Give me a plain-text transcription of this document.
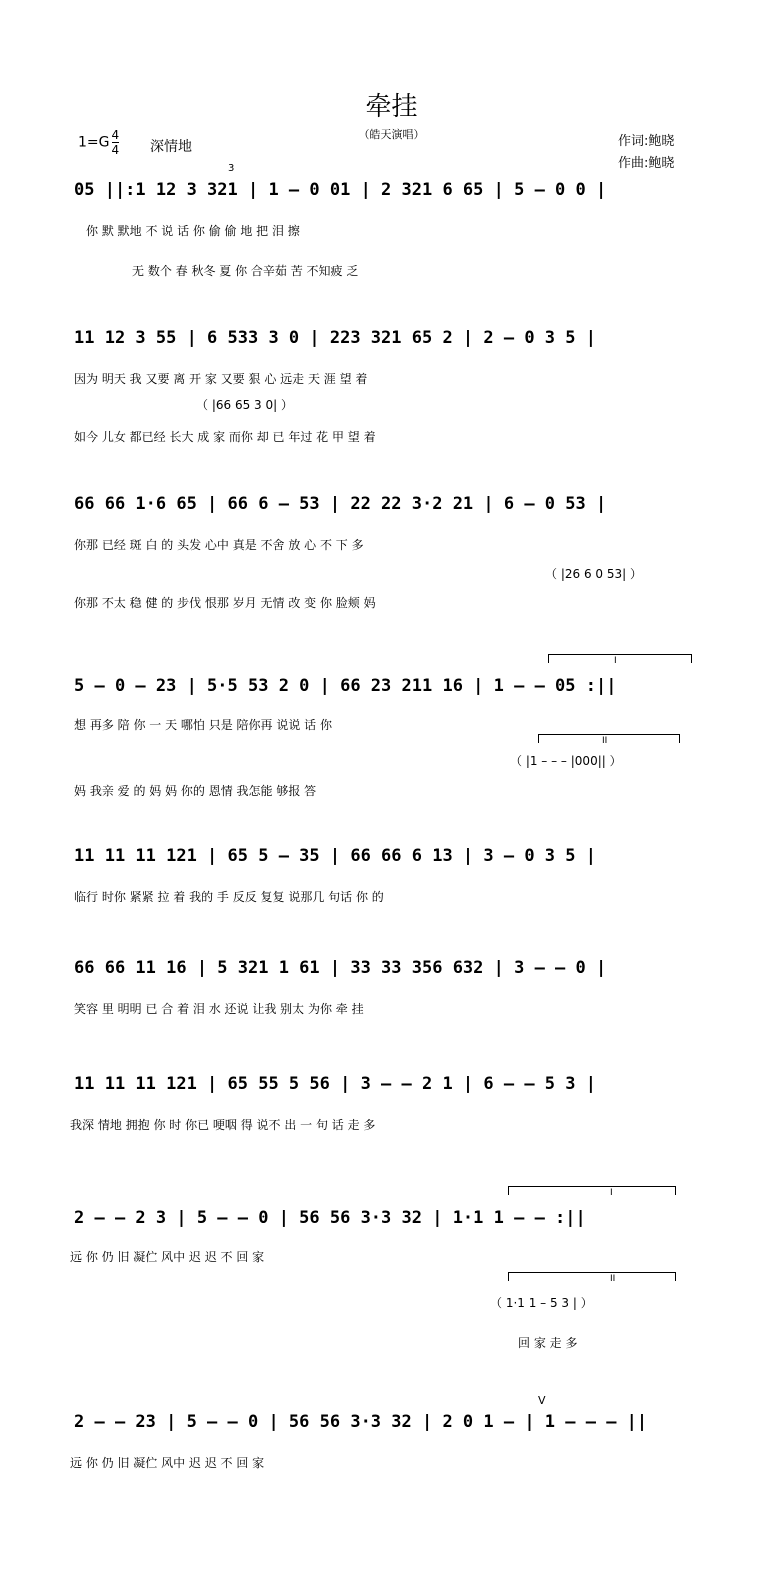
牵挂
（皓天演唱）
$1=G \frac{4}{4}$ 深情地	作词:鲍晓
作曲:鲍晓
05 ||:1 12 3 321 | 1 – 0 01 | 2 321 6 65 | 5 – 0 0 |
你 默 默地 不 说 话 你 偷 偷 地 把 泪 擦
无 数个 春 秋冬 夏 你 合辛茹 苦 不知疲 乏
11 12 3 55 | 6 533 3 0 | 223 321 65 2 | 2 – 0 3 5 |
因为 明天 我 又要 离 开 家 又要 狠 心 远走 天 涯 望 着
（ |66 65 3 0| ）
如今 儿女 都已经 长大 成 家 而你 却 已 年过 花 甲 望 着
66 66 1·6 65 | 66 6 – 53 | 22 22 3·2 21 | 6 – 0 53 |
你那 已经 斑 白 的 头发 心中 真是 不舍 放 心 不 下 多
（ |26 6 0 53| ）
你那 不太 稳 健 的 步伐 恨那 岁月 无情 改 变 你 脸颊 妈
5 – 0 – 23 | 5·5 53 2 0 | 66 23 211 16 | 1 – – 05 :||
想 再多 陪 你 一 天 哪怕 只是 陪你再 说说 话 你
（ |1 – – – |000|| ）
妈 我亲 爱 的 妈 妈 你的 恩情 我怎能 够报 答
11 11 11 121 | 65 5 – 35 | 66 66 6 13 | 3 – 0 3 5 |
临行 时你 紧紧 拉 着 我的 手 反反 复复 说那几 句话 你 的
66 66 11 16 | 5 321 1 61 | 33 33 356 632 | 3 – – 0 |
笑容 里 明明 已 合 着 泪 水 还说 让我 别太 为你 牵 挂
11 11 11 121 | 65 55 5 56 | 3 – – 2 1 | 6 – – 5 3 |
我深 情地 拥抱 你 时 你已 哽咽 得 说不 出 一 句 话 走 多
2 – – 2 3 | 5 – – 0 | 56 56 3·3 32 | 1·1 1 – – :||
远 你 仍 旧 凝伫 风中 迟 迟 不 回 家
（ 1·1 1 – 5 3 | ）
回 家 走 多
2 – – 23 | 5 – – 0 | 56 56 3·3 32 | 2 0 1 – | 1 – – – ||
远 你 仍 旧 凝伫 风中 迟 迟 不 回 家
I
II
I
II
V
3
